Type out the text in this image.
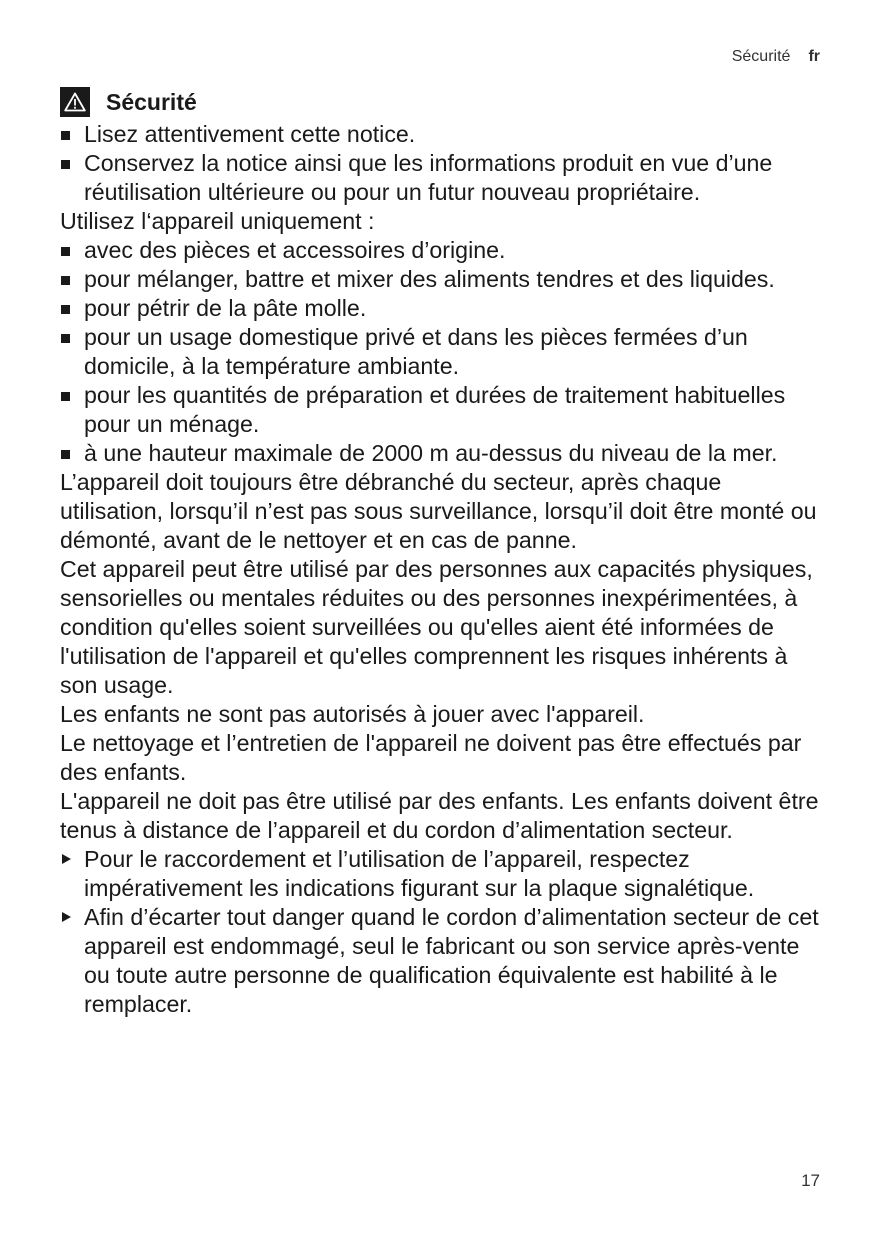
Sécurité fr
Sécurité
Lisez attentivement cette notice.
Conservez la notice ainsi que les informations produit en vue d’une réutilisation ultérieure ou pour un futur nouveau propriétaire.

Utilisez l‘appareil uniquement :

avec des pièces et accessoires d’origine.
pour mélanger, battre et mixer des aliments tendres et des liquides.
pour pétrir de la pâte molle.
pour un usage domestique privé et dans les pièces fermées d’un domicile, à la température ambiante.
pour les quantités de préparation et durées de traitement habituelles pour un ménage.
à une hauteur maximale de 2000 m au-dessus du niveau de la mer.

L’appareil doit toujours être débranché du secteur, après chaque utilisation, lorsqu’il n’est pas sous surveillance, lorsqu’il doit être monté ou démonté, avant de le nettoyer et en cas de panne.

Cet appareil peut être utilisé par des personnes aux capacités physiques, sensorielles ou mentales réduites ou des personnes inexpérimentées, à condition qu'elles soient surveillées ou qu'elles aient été informées de l'utilisation de l'appareil et qu'elles comprennent les risques inhérents à son usage.

Les enfants ne sont pas autorisés à jouer avec l'appareil.

Le nettoyage et l’entretien de l'appareil ne doivent pas être effectués par des enfants.

L'appareil ne doit pas être utilisé par des enfants. Les enfants doivent être tenus à distance de l’appareil et du cordon d’alimentation secteur.

Pour le raccordement et l’utilisation de l’appareil, respectez impérativement les indications figurant sur la plaque signalétique.
Afin d’écarter tout danger quand le cordon d’alimentation secteur de cet appareil est endommagé, seul le fabricant ou son service après-vente ou toute autre personne de qualification équivalente est habilité à le remplacer.
17
